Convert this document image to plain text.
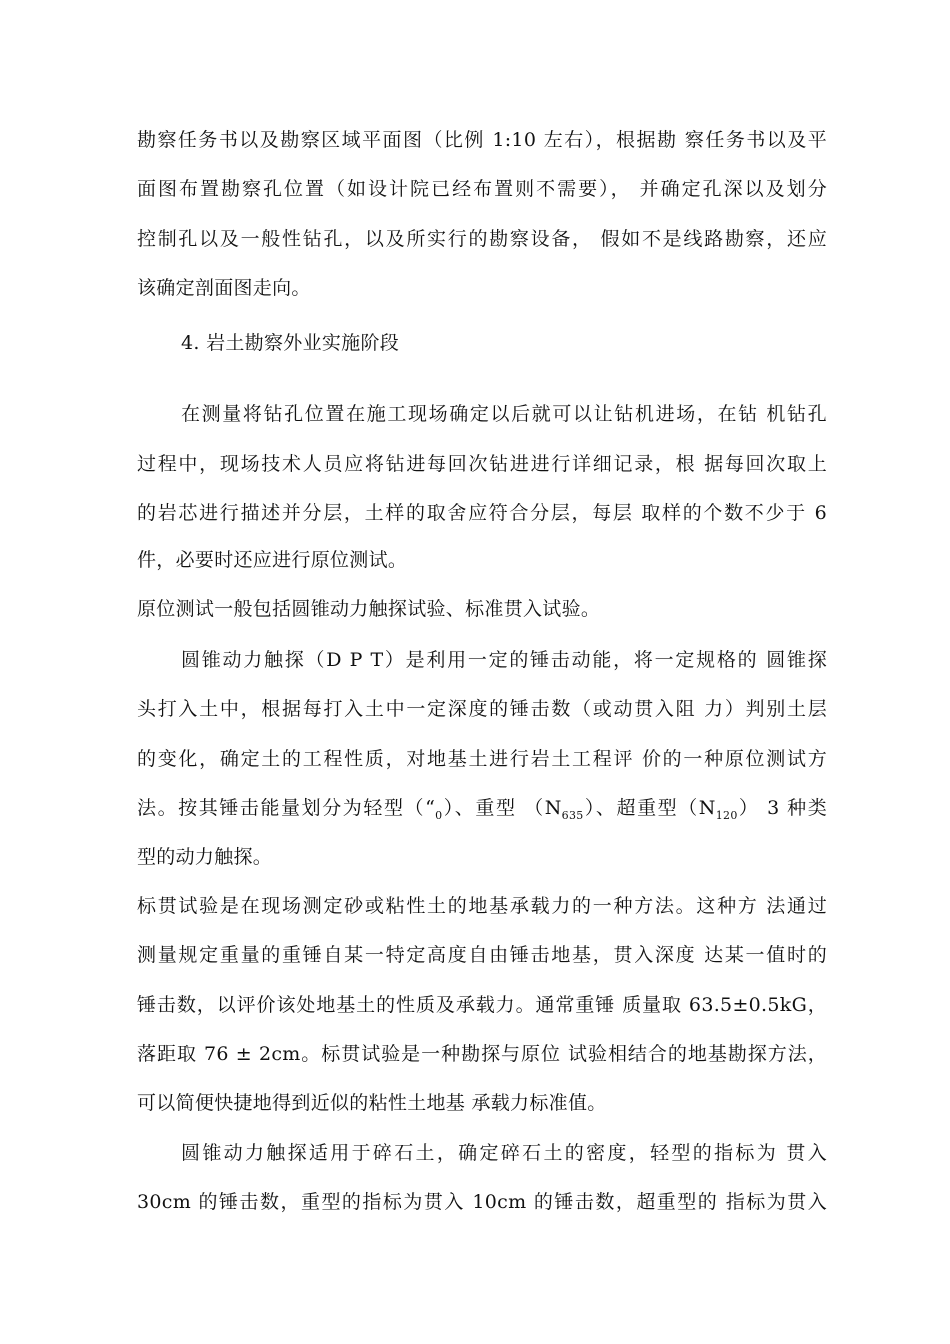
勘察任务书以及勘察区域平面图（比例 1:10 左右），根据勘 察任务书以及平
面图布置勘察孔位置（如设计院已经布置则不需要）， 并确定孔深以及划分
控制孔以及一般性钻孔，以及所实行的勘察设备， 假如不是线路勘察，还应
该确定剖面图走向。
4. 岩土勘察外业实施阶段
在测量将钻孔位置在施工现场确定以后就可以让钻机进场，在钻 机钻孔
过程中，现场技术人员应将钻进每回次钻进进行详细记录，根 据每回次取上
的岩芯进行描述并分层，土样的取舍应符合分层，每层 取样的个数不少于 6
件，必要时还应进行原位测试。
原位测试一般包括圆锥动力触探试验、标准贯入试验。
圆锥动力触探（D P T）是利用一定的锤击动能，将一定规格的 圆锥探
头打入土中，根据每打入土中一定深度的锤击数（或动贯入阻 力）判别土层
的变化，确定土的工程性质，对地基土进行岩土工程评 价的一种原位测试方
法。按其锤击能量划分为轻型$(“_0)$、重型 $(N_{635})$、超重型$(N_{120})$ 3 种类
型的动力触探。
标贯试验是在现场测定砂或粘性土的地基承载力的一种方法。这种方 法通过
测量规定重量的重锤自某一特定高度自由锤击地基，贯入深度 达某一值时的
锤击数，以评价该处地基土的性质及承载力。通常重锤 质量取 63.5±0.5kG，
落距取 76 ± 2cm。标贯试验是一种勘探与原位 试验相结合的地基勘探方法，
可以简便快捷地得到近似的粘性土地基 承载力标准值。
圆锥动力触探适用于碎石土，确定碎石土的密度，轻型的指标为 贯入
30cm 的锤击数，重型的指标为贯入 10cm 的锤击数，超重型的 指标为贯入
